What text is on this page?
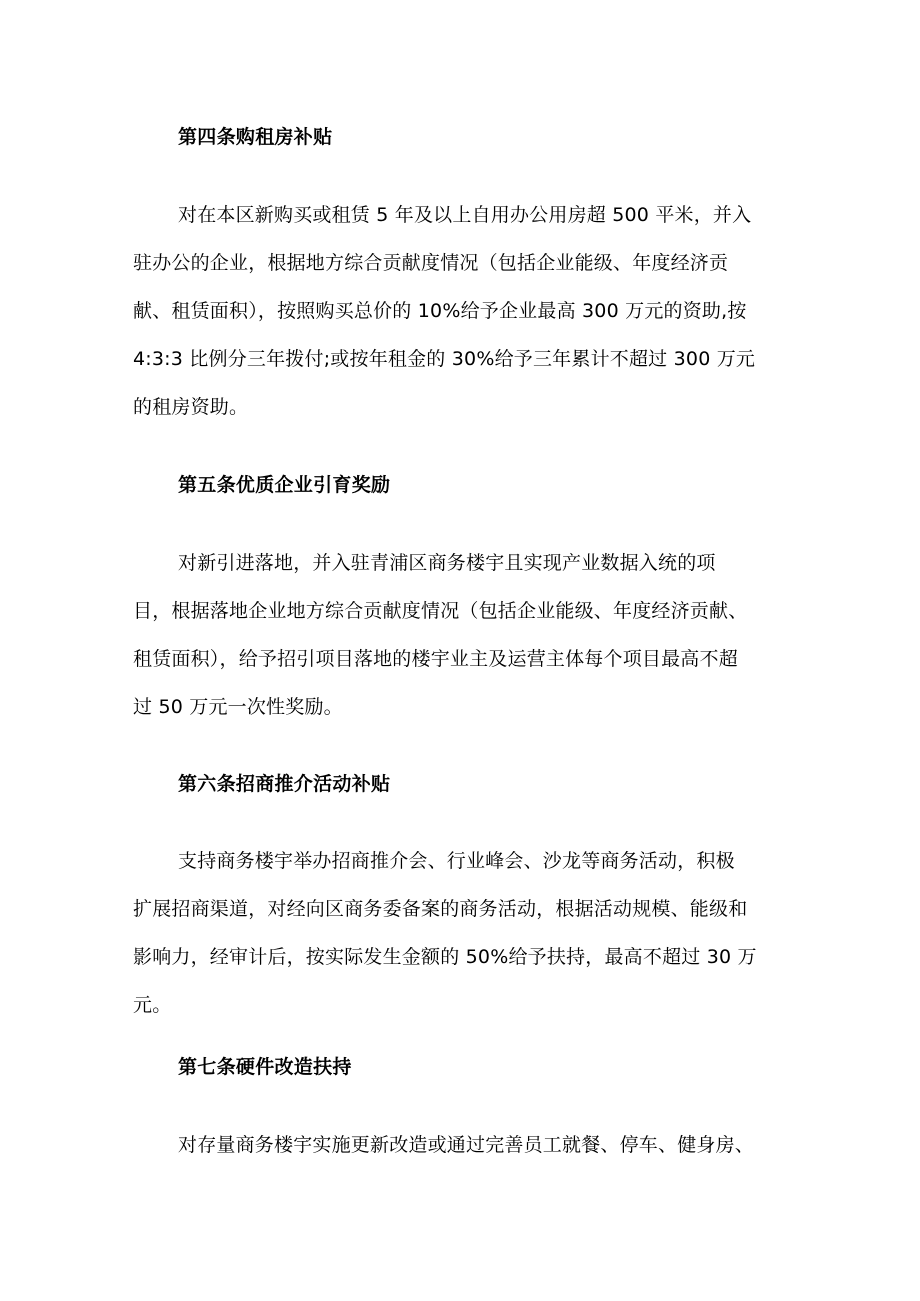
第四条购租房补贴
对在本区新购买或租赁 5 年及以上自用办公用房超 500 平米，并入
驻办公的企业，根据地方综合贡献度情况（包括企业能级、年度经济贡
献、租赁面积），按照购买总价的 10%给予企业最高 300 万元的资助,按
4:3:3 比例分三年拨付;或按年租金的 30%给予三年累计不超过 300 万元
的租房资助。
第五条优质企业引育奖励
对新引进落地，并入驻青浦区商务楼宇且实现产业数据入统的项
目，根据落地企业地方综合贡献度情况（包括企业能级、年度经济贡献、
租赁面积），给予招引项目落地的楼宇业主及运营主体每个项目最高不超
过 50 万元一次性奖励。
第六条招商推介活动补贴
支持商务楼宇举办招商推介会、行业峰会、沙龙等商务活动，积极
扩展招商渠道，对经向区商务委备案的商务活动，根据活动规模、能级和
影响力，经审计后，按实际发生金额的 50%给予扶持，最高不超过 30 万
元。
第七条硬件改造扶持
对存量商务楼宇实施更新改造或通过完善员工就餐、停车、健身房、
